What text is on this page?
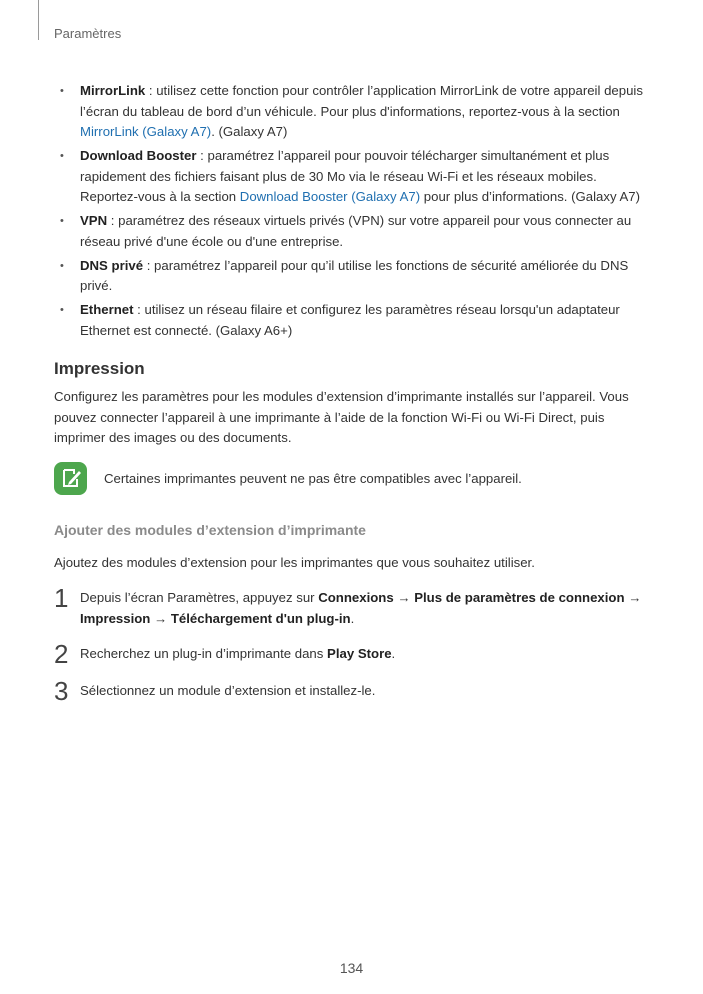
Paramètres
• MirrorLink : utilisez cette fonction pour contrôler l’application MirrorLink de votre appareil depuis l’écran du tableau de bord d’un véhicule. Pour plus d'informations, reportez-vous à la section MirrorLink (Galaxy A7). (Galaxy A7)
• Download Booster : paramétrez l’appareil pour pouvoir télécharger simultanément et plus rapidement des fichiers faisant plus de 30 Mo via le réseau Wi-Fi et les réseaux mobiles. Reportez-vous à la section Download Booster (Galaxy A7) pour plus d’informations. (Galaxy A7)
• VPN : paramétrez des réseaux virtuels privés (VPN) sur votre appareil pour vous connecter au réseau privé d'une école ou d'une entreprise.
• DNS privé : paramétrez l’appareil pour qu’il utilise les fonctions de sécurité améliorée du DNS privé.
• Ethernet : utilisez un réseau filaire et configurez les paramètres réseau lorsqu'un adaptateur Ethernet est connecté. (Galaxy A6+)
Impression

Configurez les paramètres pour les modules d’extension d’imprimante installés sur l’appareil. Vous pouvez connecter l’appareil à une imprimante à l’aide de la fonction Wi-Fi ou Wi-Fi Direct, puis imprimer des images ou des documents.

Certaines imprimantes peuvent ne pas être compatibles avec l’appareil.
Ajouter des modules d’extension d’imprimante

Ajoutez des modules d’extension pour les imprimantes que vous souhaitez utiliser.

1 Depuis l’écran Paramètres, appuyez sur Connexions → Plus de paramètres de connexion →
Impression → Téléchargement d'un plug-in.
2 Recherchez un plug-in d’imprimante dans Play Store.
3 Sélectionnez un module d’extension et installez-le.
134
